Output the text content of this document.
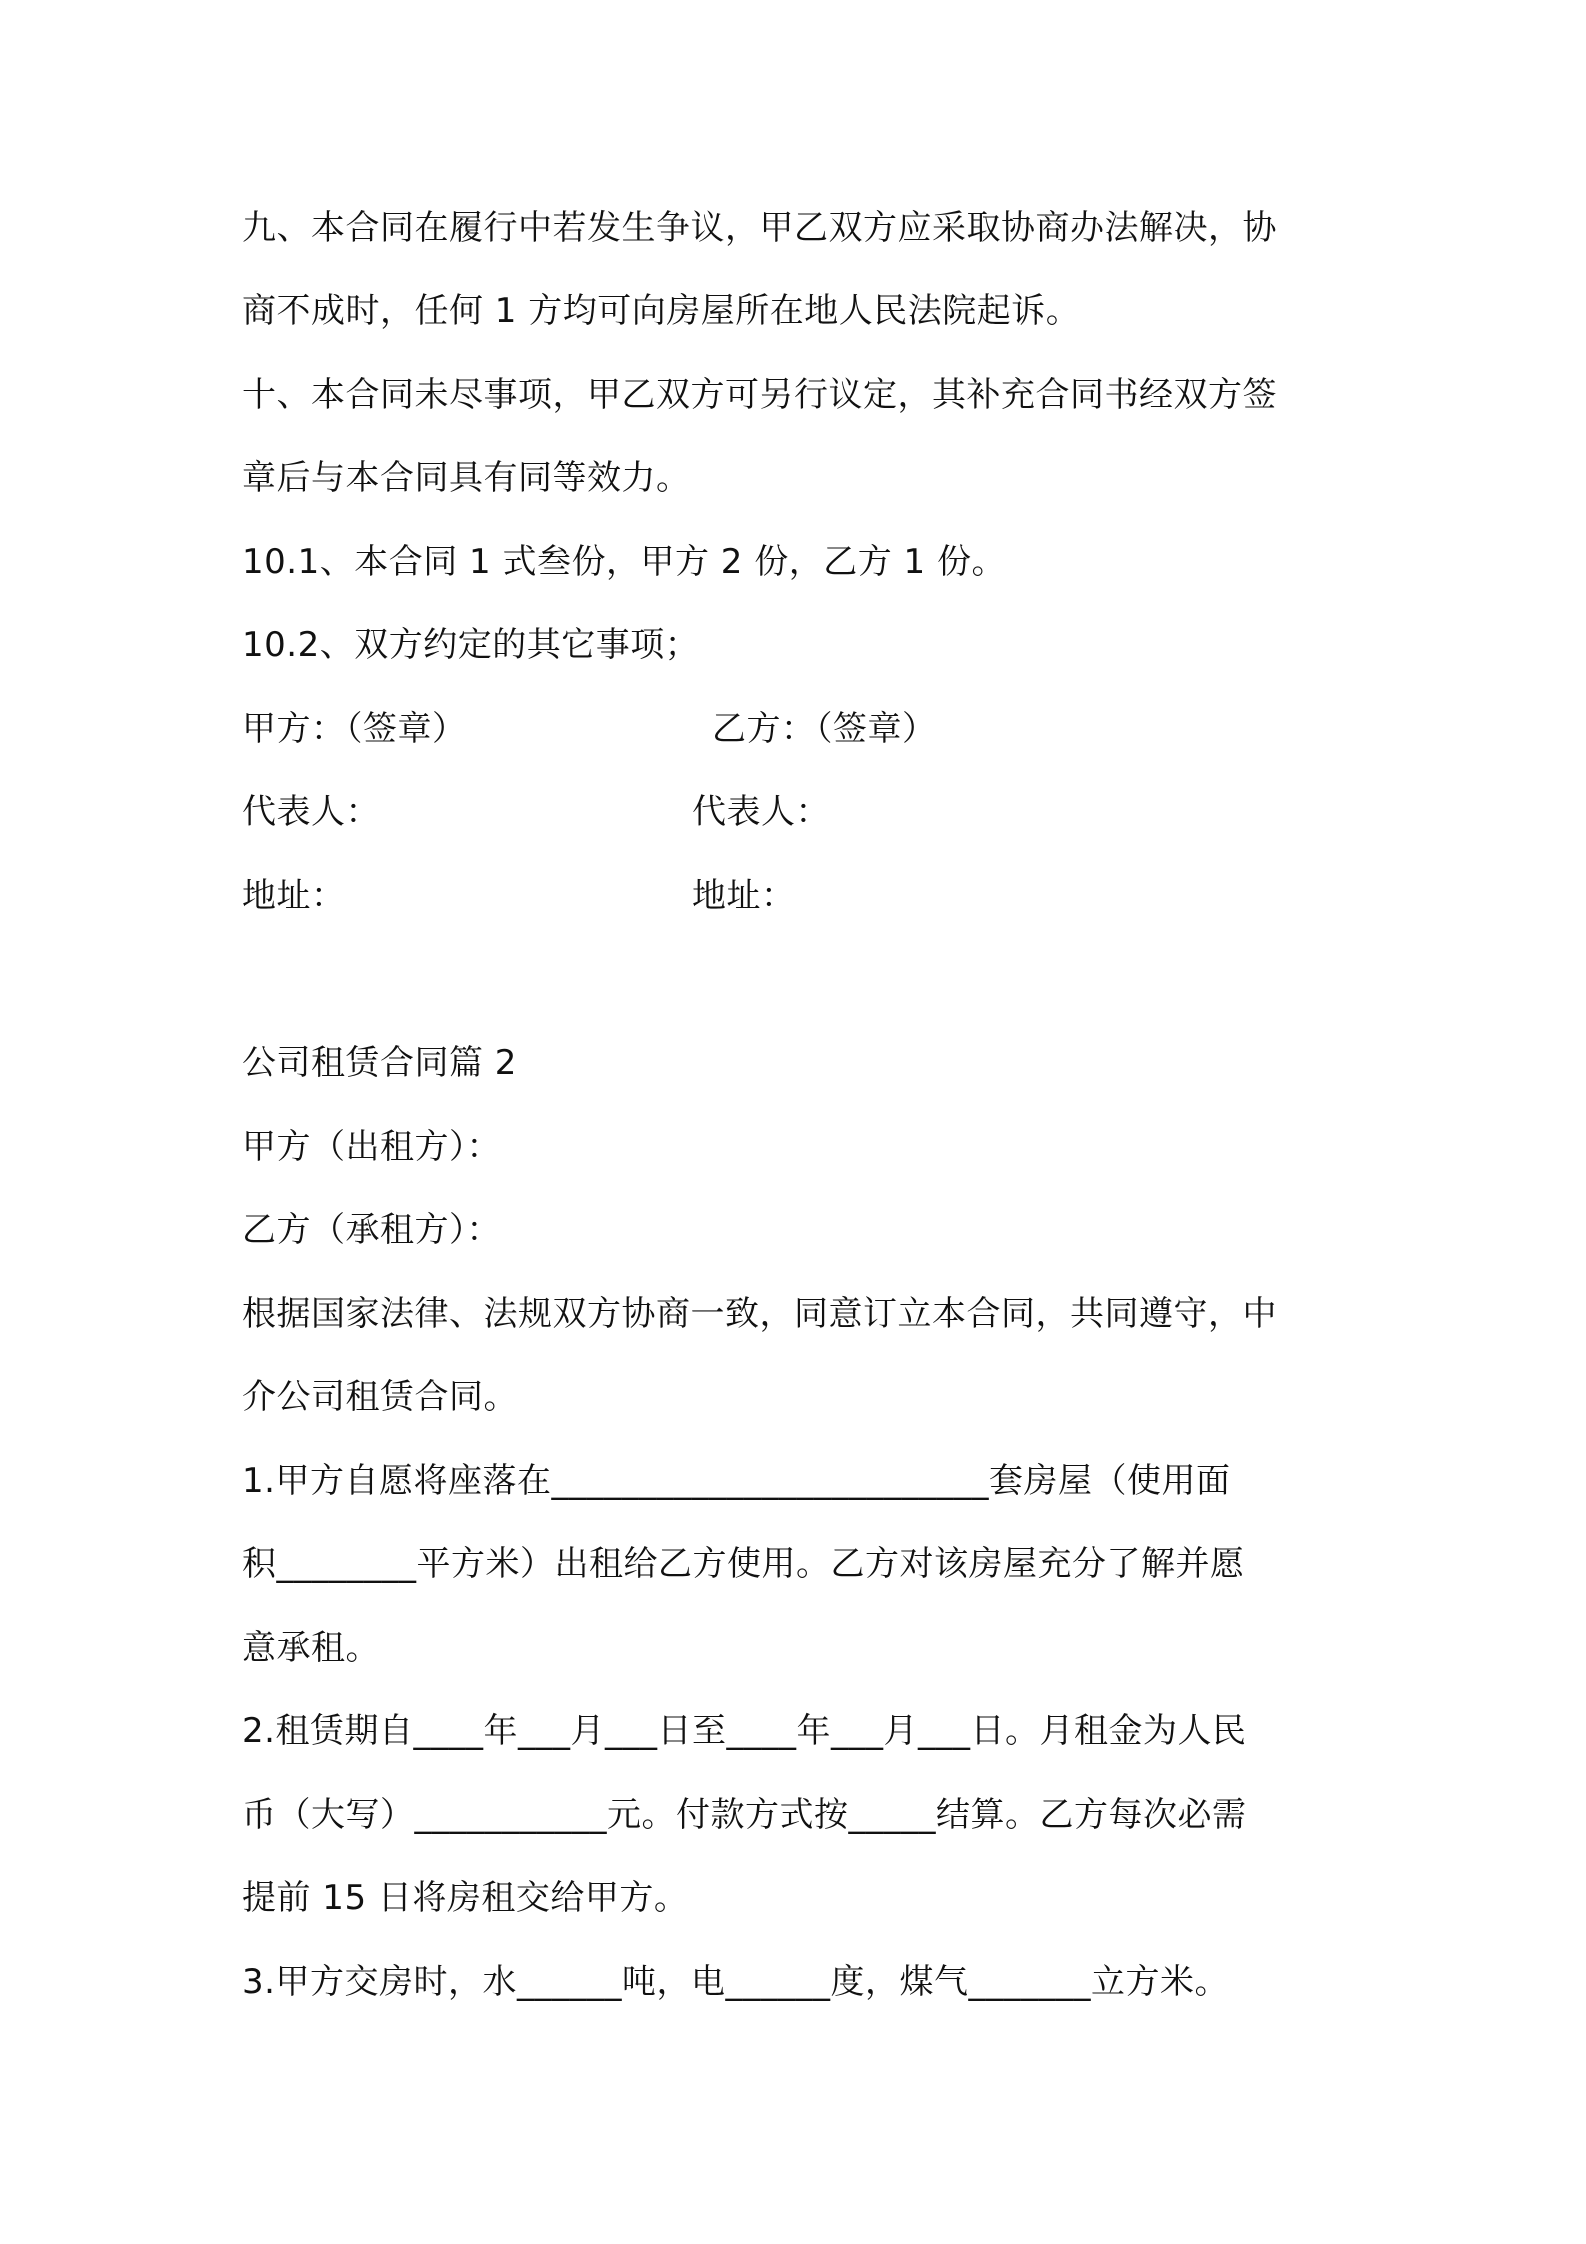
九、本合同在履行中若发生争议，甲乙双方应采取协商办法解决，协
商不成时，任何 1 方均可向房屋所在地人民法院起诉。
十、本合同未尽事项，甲乙双方可另行议定，其补充合同书经双方签
章后与本合同具有同等效力。
10.1、本合同 1 式叁份，甲方 2 份，乙方 1 份。
10.2、双方约定的其它事项；
甲方：（签章）	乙方：（签章）
代表人：	代表人：
地址：	地址：
公司租赁合同篇 2
甲方（出租方）：
乙方（承租方）：
根据国家法律、法规双方协商一致，同意订立本合同，共同遵守，中
介公司租赁合同。
1.甲方自愿将座落在_________________________套房屋（使用面
积________平方米）出租给乙方使用。乙方对该房屋充分了解并愿
意承租。
2.租赁期自____年___月___日至____年___月___日。月租金为人民
币（大写）___________元。付款方式按_____结算。乙方每次必需
提前 15 日将房租交给甲方。
3.甲方交房时，水______吨，电______度，煤气_______立方米。
